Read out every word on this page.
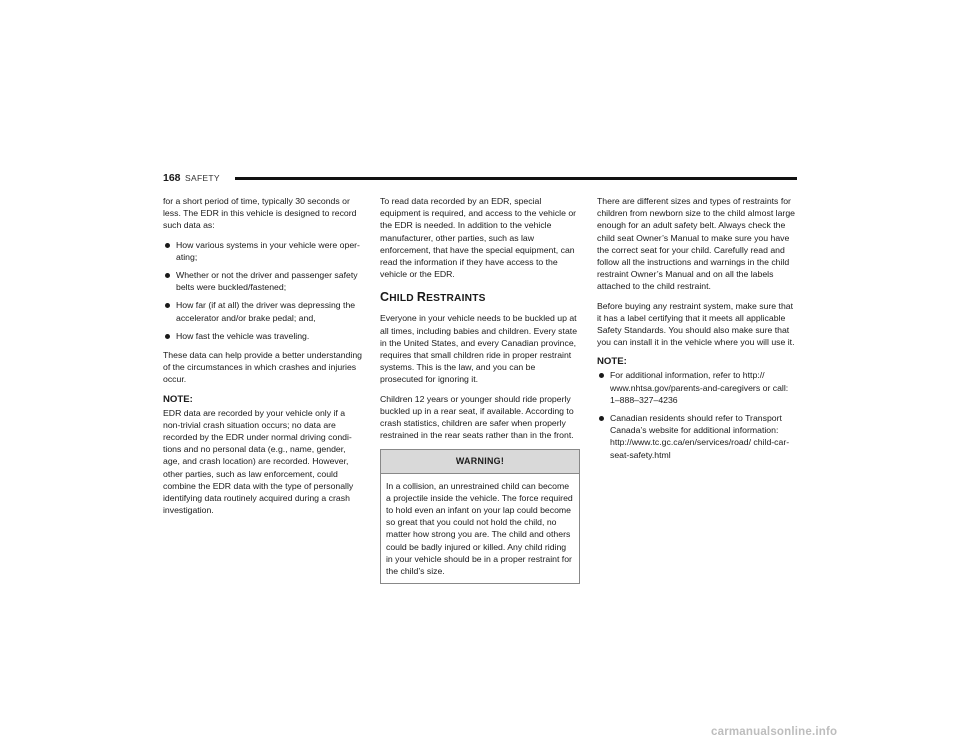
168 SAFETY

for a short period of time, typically 30 seconds or less. The EDR in this vehicle is designed to record such data as:

How various systems in your vehicle were oper-ating;
Whether or not the driver and passenger safety belts were buckled/fastened;
How far (if at all) the driver was depressing the accelerator and/or brake pedal; and,
How fast the vehicle was traveling.

These data can help provide a better understanding of the circumstances in which crashes and injuries occur.

NOTE:

EDR data are recorded by your vehicle only if a non-trivial crash situation occurs; no data are recorded by the EDR under normal driving condi-tions and no personal data (e.g., name, gender, age, and crash location) are recorded. However, other parties, such as law enforcement, could combine the EDR data with the type of personally identifying data routinely acquired during a crash investigation.

To read data recorded by an EDR, special equipment is required, and access to the vehicle or the EDR is needed. In addition to the vehicle manufacturer, other parties, such as law enforcement, that have the special equipment, can read the information if they have access to the vehicle or the EDR.

CHILD RESTRAINTS

Everyone in your vehicle needs to be buckled up at all times, including babies and children. Every state in the United States, and every Canadian province, requires that small children ride in proper restraint systems. This is the law, and you can be prosecuted for ignoring it.

Children 12 years or younger should ride properly buckled up in a rear seat, if available. According to crash statistics, children are safer when properly restrained in the rear seats rather than in the front.

WARNING!
In a collision, an unrestrained child can become a projectile inside the vehicle. The force required to hold even an infant on your lap could become so great that you could not hold the child, no matter how strong you are. The child and others could be badly injured or killed. Any child riding in your vehicle should be in a proper restraint for the child’s size.

There are different sizes and types of restraints for children from newborn size to the child almost large enough for an adult safety belt. Always check the child seat Owner’s Manual to make sure you have the correct seat for your child. Carefully read and follow all the instructions and warnings in the child restraint Owner’s Manual and on all the labels attached to the child restraint.

Before buying any restraint system, make sure that it has a label certifying that it meets all applicable Safety Standards. You should also make sure that you can install it in the vehicle where you will use it.

NOTE:
For additional information, refer to http:// www.nhtsa.gov/parents-and-caregivers or call: 1–888–327–4236
Canadian residents should refer to Transport Canada’s website for additional information: http://www.tc.gc.ca/en/services/road/ child-car-seat-safety.html
carmanualsonline.info
